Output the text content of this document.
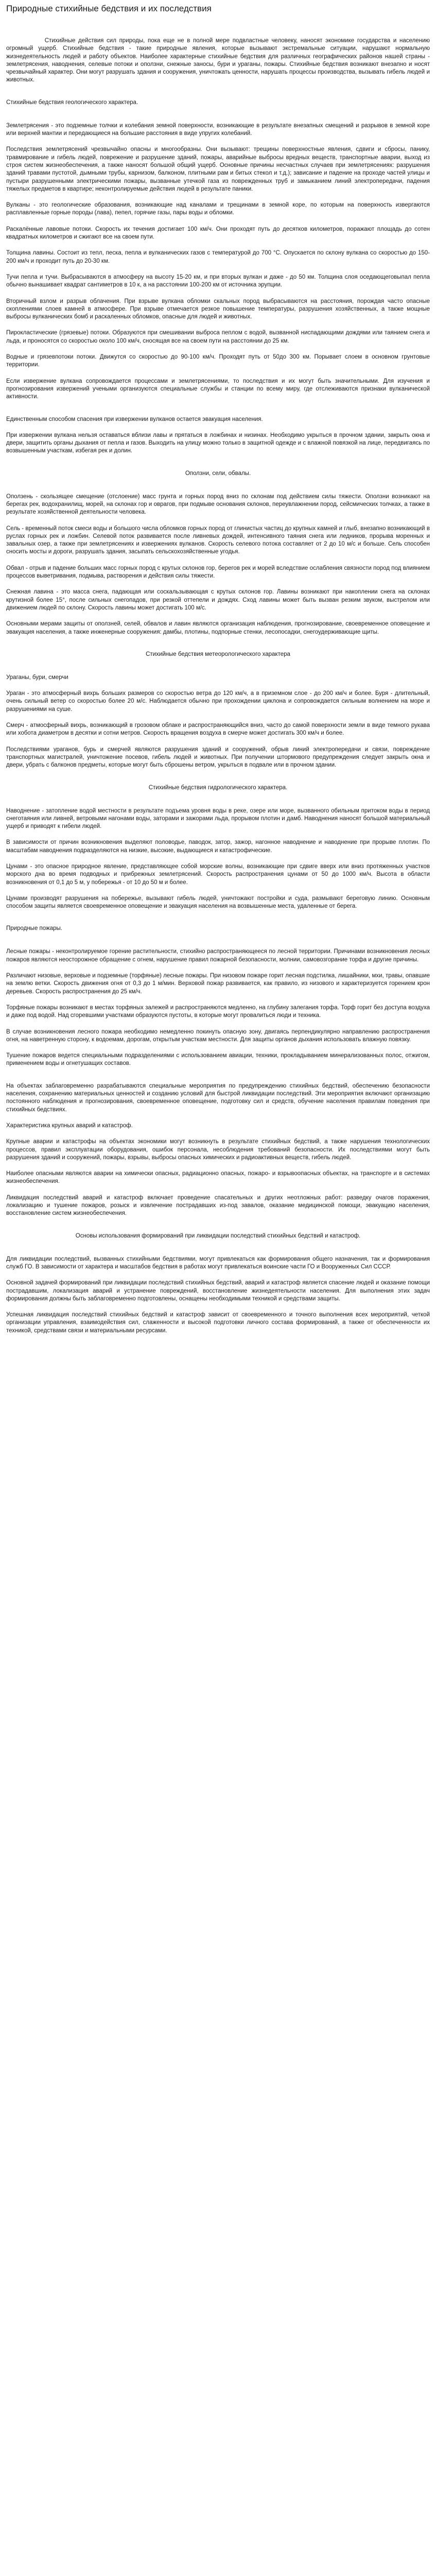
Природные стихийные бедствия и их последствия

Стихийные действия сил природы, пока еще не в полной мере подвластные человеку, наносят экономике государства и населению огромный ущерб. Стихийные бедствия - такие природные явления, которые вызывают экстремальные ситуации, нарушают нормальную жизнедеятельность людей и работу объектов. Наиболее характерные стихийные бедствия для различных географических районов нашей страны - землетрясения, наводнения, селевые потоки и оползни, снежные заносы, бури и ураганы, пожары. Стихийные бедствия возникают внезапно и носят чрезвычайный характер. Они могут разрушать здания и сооружения, уничтожать ценности, нарушать процессы производства, вызывать гибель людей и животных.

Стихийные бедствия геологического характера.

Землетрясения - это подземные толчки и колебания земной поверхности, возникающие в результате внезапных смещений и разрывов в земной коре или верхней мантии и передающиеся на большие расстояния в виде упругих колебаний.

Последствия землетрясений чрезвычайно опасны и многообразны. Они вызывают: трещины поверхностные явления, сдвиги и сбросы, панику, травмирование и гибель людей, поврежение и разрушение зданий, пожары, аварийные выбросы вредных веществ, транспортные аварии, выход из строя систем жизнеобеспечения, а также наносят большой общий ущерб. Основные причины несчастных случаев при землетрясениях: разрушения зданий травами пустотой, дымными трубы, карнизом, балконом, плитными рам и битых стекол и т.д.); зависание и падение на проходе частей улицы и пустыри разрушенными электрическими пожары, вызванные утечкой газа из поврежденных труб и замыканием линий электропередачи, падения тяжелых предметов в квартире; неконтролируемые действия людей в результате паники.

Вулканы - это геологические образования, возникающие над каналами и трещинами в земной коре, по которым на поверхность извергаются расплавленные горные породы (лава), пепел, горячие газы, пары воды и обломки.

Раскалённые лавовые потоки. Скорость их течения достигает 100 км/ч. Они проходят путь до десятков километров, поражают площадь до сотен квадратных километров и сжигают все на своем пути.

Толщина лавины. Состоит из тепл, песка, пепла и вулканических газов с температурой до 700 °С. Опускается по склону вулкана со скоростью до 150-200 км/ч и проходит путь до 20-30 км.

Тучи пепла и тучи. Выбрасываются в атмосферу на высоту 15-20 км, и при вторых вулкан и даже - до 50 км. Толщина слоя оседающеговыпал пепла обычно вынашивает квадрат сантиметров в 10 к, а на расстоянии 100-200 км от источника эрупции.

Вторичный взлом и разрыв облачения. При взрыве вулкана обломки скальных пород выбрасываются на расстояния, порождая часто опасные скоплениями слоев камней в атмосфере. При взрыве отмечается резкое повышение температуры, разрушения хозяйственных, а также мощные выбросы вулканических бомб и раскаленных обломков, опасные для людей и животных.

Пирокластические (грязевые) потоки. Образуются при смешивании выброса пеплом с водой, вызванной ниспадающими дождями или таянием снега и льда, и проносятся со скоростью около 100 км/ч, сносящая все на своем пути на расстоянии до 25 км.

Водные и грязевпотоки потоки. Движутся со скоростью до 90-100 км/ч. Проходят путь от 50до 300 км. Порывает слоем в основном грунтовые территории.

Если извержение вулкана сопровождается процессами и землетрясениями, то последствия и их могут быть значительными. Для изучения и прогнозирования извержений учеными организуются специальные службы и станции по всему миру, где отслеживаются признаки вулканической активности.

Единственным способом спасения при извержении вулканов остается эвакуация населения.

При извержении вулкана нельзя оставаться вблизи лавы и прятаться в ложбинах и низинах. Необходимо укрыться в прочном здании, закрыть окна и двери, защитить органы дыхания от пепла и газов. Выходить на улицу можно только в защитной одежде и с влажной повязкой на лице, передвигаясь по возвышенным участкам, избегая рек и долин.

Оползни, сели, обвалы.

Оползень - скользящее смещение (отслоение) масс грунта и горных пород вниз по склонам под действием силы тяжести. Оползни возникают на берегах рек, водохранилищ, морей, на склонах гор и оврагов, при подмыве основания склонов, переувлажнении пород, сейсмических толчках, а также в результате хозяйственной деятельности человека.

Сель - временный поток смеси воды и большого числа обломков горных пород от глинистых частиц до крупных камней и глыб, внезапно возникающий в руслах горных рек и ложбин. Селевой поток развивается после ливневых дождей, интенсивного таяния снега или ледников, прорыва моренных и завальных озер, а также при землетрясениях и извержениях вулканов. Скорость селевого потока составляет от 2 до 10 м/с и больше. Сель способен сносить мосты и дороги, разрушать здания, засыпать сельскохозяйственные угодья.

Обвал - отрыв и падение больших масс горных пород с крутых склонов гор, берегов рек и морей вследствие ослабления связности пород под влиянием процессов выветривания, подмыва, растворения и действия силы тяжести.

Снежная лавина - это масса снега, падающая или соскальзывающая с крутых склонов гор. Лавины возникают при накоплении снега на склонах крутизной более 15°, после сильных снегопадов, при резкой оттепели и дождях. Сход лавины может быть вызван резким звуком, выстрелом или движением людей по склону. Скорость лавины может достигать 100 м/с.

Основными мерами защиты от оползней, селей, обвалов и лавин являются организация наблюдения, прогнозирование, своевременное оповещение и эвакуация населения, а также инженерные сооружения: дамбы, плотины, подпорные стенки, лесопосадки, снегоудерживающие щиты.

Стихийные бедствия метеорологического характера

Ураганы, бури, смерчи

Ураган - это атмосферный вихрь больших размеров со скоростью ветра до 120 км/ч, а в приземном слое - до 200 км/ч и более. Буря - длительный, очень сильный ветер со скоростью более 20 м/с. Наблюдается обычно при прохождении циклона и сопровождается сильным волнением на море и разрушениями на суше.

Смерч - атмосферный вихрь, возникающий в грозовом облаке и распространяющийся вниз, часто до самой поверхности земли в виде темного рукава или хобота диаметром в десятки и сотни метров. Скорость вращения воздуха в смерче может достигать 300 км/ч и более.

Последствиями ураганов, бурь и смерчей являются разрушения зданий и сооружений, обрыв линий электропередачи и связи, повреждение транспортных магистралей, уничтожение посевов, гибель людей и животных. При получении штормового предупреждения следует закрыть окна и двери, убрать с балконов предметы, которые могут быть сброшены ветром, укрыться в подвале или в прочном здании.

Стихийные бедствия гидрологического характера.

Наводнение - затопление водой местности в результате подъема уровня воды в реке, озере или море, вызванного обильным притоком воды в период снеготаяния или ливней, ветровыми нагонами воды, заторами и зажорами льда, прорывом плотин и дамб. Наводнения наносят большой материальный ущерб и приводят к гибели людей.

В зависимости от причин возникновения выделяют половодье, паводок, затор, зажор, нагонное наводнение и наводнение при прорыве плотин. По масштабам наводнения подразделяются на низкие, высокие, выдающиеся и катастрофические.

Цунами - это опасное природное явление, представляющее собой морские волны, возникающие при сдвиге вверх или вниз протяженных участков морского дна во время подводных и прибрежных землетрясений. Скорость распространения цунами от 50 до 1000 км/ч. Высота в области возникновения от 0,1 до 5 м, у побережья - от 10 до 50 м и более.

Цунами производят разрушения на побережье, вызывают гибель людей, уничтожают постройки и суда, размывают береговую линию. Основным способом защиты является своевременное оповещение и эвакуация населения на возвышенные места, удаленные от берега.

Природные пожары.

Лесные пожары - неконтролируемое горение растительности, стихийно распространяющееся по лесной территории. Причинами возникновения лесных пожаров являются неосторожное обращение с огнем, нарушение правил пожарной безопасности, молнии, самовозгорание торфа и другие причины.

Различают низовые, верховые и подземные (торфяные) лесные пожары. При низовом пожаре горит лесная подстилка, лишайники, мхи, травы, опавшие на землю ветки. Скорость движения огня от 0,3 до 1 м/мин. Верховой пожар развивается, как правило, из низового и характеризуется горением крон деревьев. Скорость распространения до 25 км/ч.

Торфяные пожары возникают в местах торфяных залежей и распространяются медленно, на глубину залегания торфа. Торф горит без доступа воздуха и даже под водой. Над сгоревшими участками образуются пустоты, в которые могут провалиться люди и техника.

В случае возникновения лесного пожара необходимо немедленно покинуть опасную зону, двигаясь перпендикулярно направлению распространения огня, на наветренную сторону, к водоемам, дорогам, открытым участкам местности. Для защиты органов дыхания использовать влажную повязку.

Тушение пожаров ведется специальными подразделениями с использованием авиации, техники, прокладыванием минерализованных полос, отжигом, применением воды и огнетушащих составов.

На объектах заблаговременно разрабатываются специальные мероприятия по предупреждению стихийных бедствий, обеспечению безопасности населения, сохранению материальных ценностей и созданию условий для быстрой ликвидации последствий. Эти мероприятия включают организацию постоянного наблюдения и прогнозирования, своевременное оповещение, подготовку сил и средств, обучение населения правилам поведения при стихийных бедствиях.

Характеристика крупных аварий и катастроф.

Крупные аварии и катастрофы на объектах экономики могут возникнуть в результате стихийных бедствий, а также нарушения технологических процессов, правил эксплуатации оборудования, ошибок персонала, несоблюдения требований безопасности. Их последствиями могут быть разрушения зданий и сооружений, пожары, взрывы, выбросы опасных химических и радиоактивных веществ, гибель людей.

Наиболее опасными являются аварии на химически опасных, радиационно опасных, пожаро- и взрывоопасных объектах, на транспорте и в системах жизнеобеспечения.

Ликвидация последствий аварий и катастроф включает проведение спасательных и других неотложных работ: разведку очагов поражения, локализацию и тушение пожаров, розыск и извлечение пострадавших из-под завалов, оказание медицинской помощи, эвакуацию населения, восстановление систем жизнеобеспечения.

Основы использования формирований при ликвидации последствий стихийных бедствий и катастроф.

Для ликвидации последствий, вызванных стихийными бедствиями, могут привлекаться как формирования общего назначения, так и формирования служб ГО. В зависимости от характера и масштабов бедствия в работах могут привлекаться воинские части ГО и Вооруженных Сил СССР.

Основной задачей формирований при ликвидации последствий стихийных бедствий, аварий и катастроф является спасение людей и оказание помощи пострадавшим, локализация аварий и устранение повреждений, восстановление жизнедеятельности населения. Для выполнения этих задач формирования должны быть заблаговременно подготовлены, оснащены необходимыми техникой и средствами защиты.

Успешная ликвидация последствий стихийных бедствий и катастроф зависит от своевременного и точного выполнения всех мероприятий, четкой организации управления, взаимодействия сил, слаженности и высокой подготовки личного состава формирований, а также от обеспеченности их техникой, средствами связи и материальными ресурсами.
